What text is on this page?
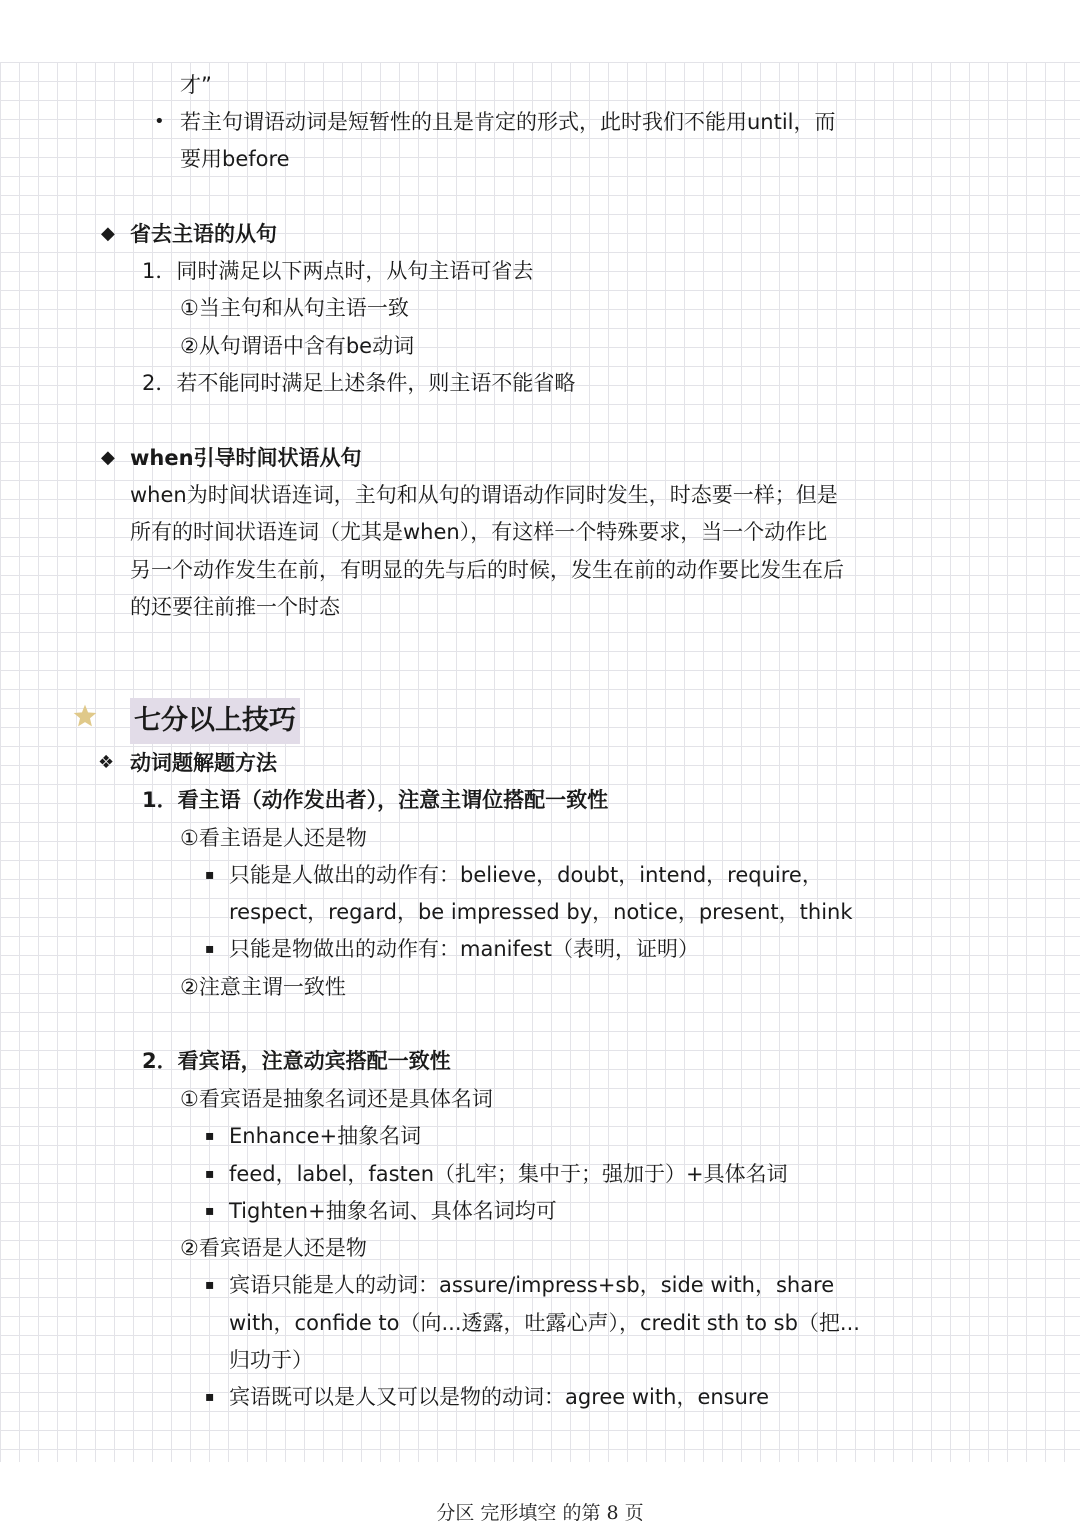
才”
• 若主句谓语动词是短暂性的且是肯定的形式，此时我们不能用until，而
要用before
◆ 省去主语的从句
1．同时满足以下两点时，从句主语可省去
①当主句和从句主语一致
②从句谓语中含有be动词
2．若不能同时满足上述条件，则主语不能省略
◆ when引导时间状语从句
when为时间状语连词，主句和从句的谓语动作同时发生，时态要一样；但是
所有的时间状语连词（尤其是when），有这样一个特殊要求，当一个动作比
另一个动作发生在前，有明显的先与后的时候，发生在前的动作要比发生在后
的还要往前推一个时态
七分以上技巧
❖ 动词题解题方法
1．看主语（动作发出者），注意主谓位搭配一致性
①看主语是人还是物
▪ 只能是人做出的动作有：believe，doubt，intend，require，
respect，regard，be impressed by，notice，present，think
▪ 只能是物做出的动作有：manifest（表明，证明）
②注意主谓一致性
2．看宾语，注意动宾搭配一致性
①看宾语是抽象名词还是具体名词
▪ Enhance+抽象名词
▪ feed，label，fasten（扎牢；集中于；强加于）+具体名词
▪ Tighten+抽象名词、具体名词均可
②看宾语是人还是物
▪ 宾语只能是人的动词：assure/impress+sb，side with，share
with，confide to（向...透露，吐露心声），credit sth to sb（把...
归功于）
▪ 宾语既可以是人又可以是物的动词：agree with，ensure
分区 完形填空 的第 8 页
